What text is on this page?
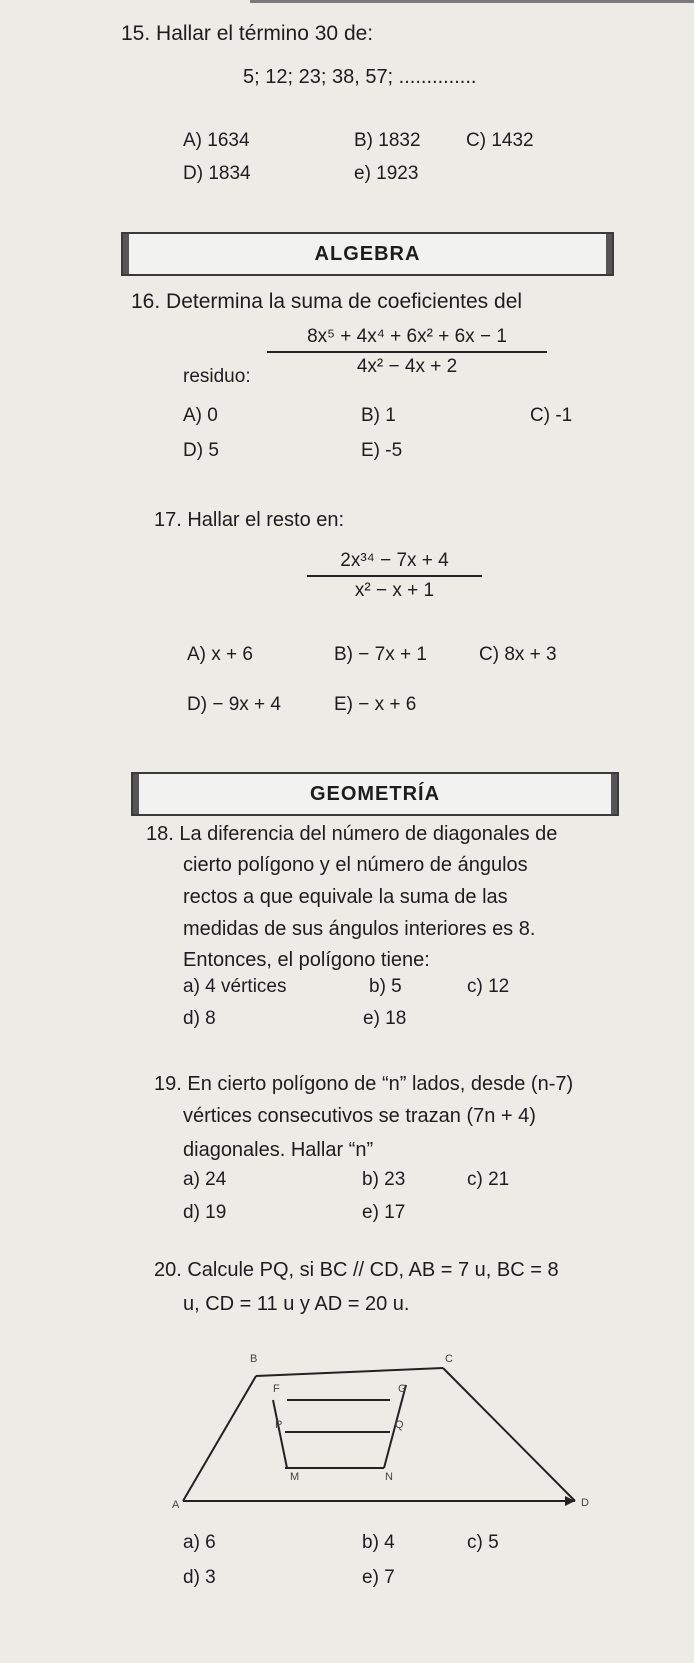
15. Hallar el término 30 de:
5; 12; 23; 38, 57; ..............
A) 1634	B) 1832 C) 1432
D) 1834	e) 1923
ALGEBRA
16. Determina la suma de coeficientes del
residuo:
8x⁵ + 4x⁴ + 6x² + 6x − 1
4x² − 4x + 2
A) 0	B) 1	C) -1
D) 5	E) -5
17. Hallar el resto en:
2x³⁴ − 7x + 4
x² − x + 1
A) x + 6	B) − 7x + 1	C) 8x + 3
D) − 9x + 4	E) − x + 6
GEOMETRÍA
18. La diferencia del número de diagonales de
cierto polígono y el número de ángulos
rectos a que equivale la suma de las
medidas de sus ángulos interiores es 8.
Entonces, el polígono tiene:
a) 4 vértices	b) 5	c) 12
d) 8	e) 18
19. En cierto polígono de “n” lados, desde (n-7)
vértices consecutivos se trazan (7n + 4)
diagonales. Hallar “n”
a) 24	b) 23	c) 21
d) 19	e) 17
20. Calcule PQ, si BC // CD, AB = 7 u, BC = 8
u, CD = 11 u y AD = 20 u.
B	C
A	D
M	N
P	Q
F	G
a) 6	b) 4	c) 5
d) 3	e) 7
